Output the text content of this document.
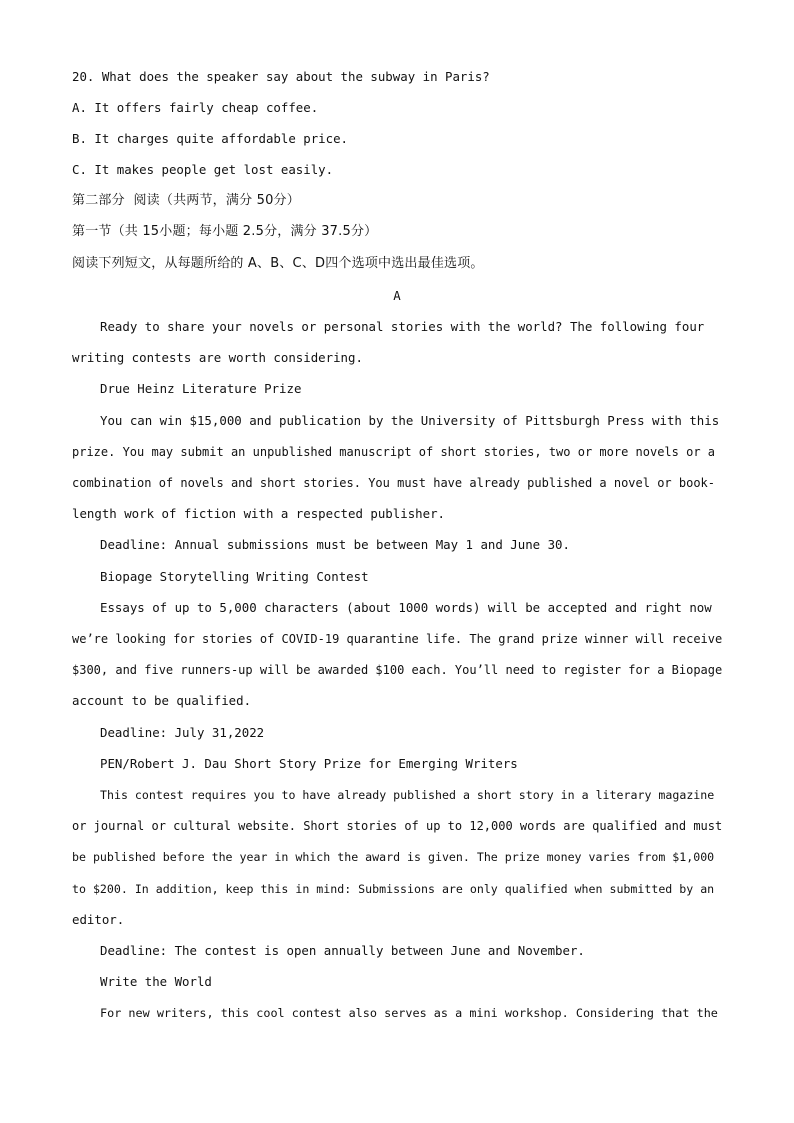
20. What does the speaker say about the subway in Paris?
A. It offers fairly cheap coffee.
B. It charges quite affordable price.
C. It makes people get lost easily.
第二部分  阅读（共两节，满分 50分）
第一节（共 15小题；每小题 2.5分，满分 37.5分）
阅读下列短文，从每题所给的 A、B、C、D四个选项中选出最佳选项。
A
Ready to share your novels or personal stories with the world? The following four
writing contests are worth considering.
Drue Heinz Literature Prize
You can win $15,000 and publication by the University of Pittsburgh Press with this
prize. You may submit an unpublished manuscript of short stories, two or more novels or a
combination of novels and short stories. You must have already published a novel or book-
length work of fiction with a respected publisher.
Deadline: Annual submissions must be between May 1 and June 30.
Biopage Storytelling Writing Contest
Essays of up to 5,000 characters (about 1000 words) will be accepted and right now
we’re looking for stories of COVID-19 quarantine life. The grand prize winner will receive
$300, and five runners-up will be awarded $100 each. You’ll need to register for a Biopage
account to be qualified.
Deadline: July 31,2022
PEN/Robert J. Dau Short Story Prize for Emerging Writers
This contest requires you to have already published a short story in a literary magazine
or journal or cultural website. Short stories of up to 12,000 words are qualified and must
be published before the year in which the award is given. The prize money varies from $1,000
to $200. In addition, keep this in mind: Submissions are only qualified when submitted by an
editor.
Deadline: The contest is open annually between June and November.
Write the World
For new writers, this cool contest also serves as a mini workshop. Considering that the
